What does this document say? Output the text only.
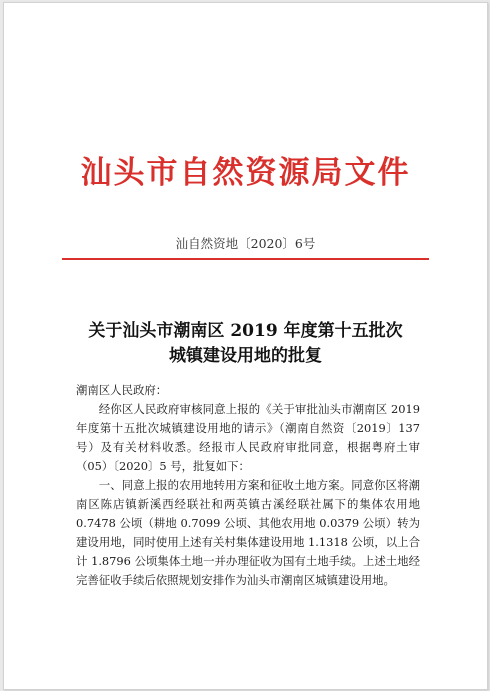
汕头市自然资源局文件
汕自然资地〔2020〕6号
关于汕头市潮南区 2019 年度第十五批次
城镇建设用地的批复

潮南区人民政府：

经你区人民政府审核同意上报的《关于审批汕头市潮南区 2019 年度第十五批次城镇建设用地的请示》（潮南自然资〔2019〕137 号）及有关材料收悉。经报市人民政府审批同意，根据粤府土审（05）〔2020〕5 号，批复如下：

一、同意上报的农用地转用方案和征收土地方案。同意你区将潮南区陈店镇新溪西经联社和两英镇古溪经联社属下的集体农用地 0.7478 公顷（耕地 0.7099 公顷、其他农用地 0.0379 公顷）转为建设用地，同时使用上述有关村集体建设用地 1.1318 公顷，以上合计 1.8796 公顷集体土地一并办理征收为国有土地手续。上述土地经完善征收手续后依照规划安排作为汕头市潮南区城镇建设用地。
